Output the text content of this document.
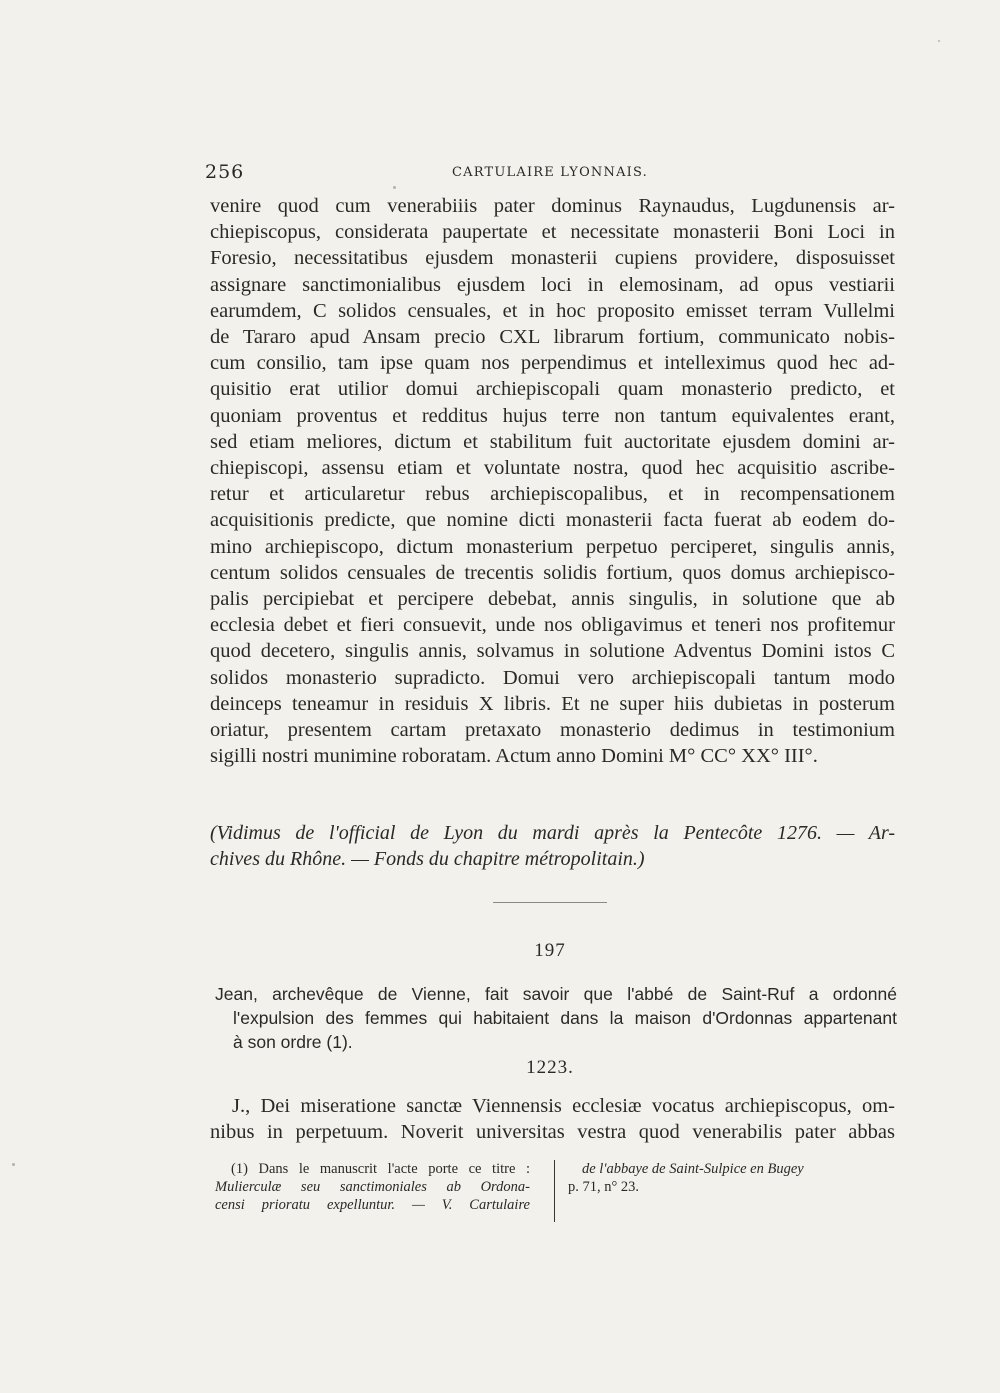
256	CARTULAIRE LYONNAIS.
venire quod cum venerabiiis pater dominus Raynaudus, Lugdunensis ar-
chiepiscopus, considerata paupertate et necessitate monasterii Boni Loci in
Foresio, necessitatibus ejusdem monasterii cupiens providere, disposuisset
assignare sanctimonialibus ejusdem loci in elemosinam, ad opus vestiarii
earumdem, C solidos censuales, et in hoc proposito emisset terram Vullelmi
de Tararo apud Ansam precio CXL librarum fortium, communicato nobis-
cum consilio, tam ipse quam nos perpendimus et intelleximus quod hec ad-
quisitio erat utilior domui archiepiscopali quam monasterio predicto, et
quoniam proventus et redditus hujus terre non tantum equivalentes erant,
sed etiam meliores, dictum et stabilitum fuit auctoritate ejusdem domini ar-
chiepiscopi, assensu etiam et voluntate nostra, quod hec acquisitio ascribe-
retur et articularetur rebus archiepiscopalibus, et in recompensationem
acquisitionis predicte, que nomine dicti monasterii facta fuerat ab eodem do-
mino archiepiscopo, dictum monasterium perpetuo perciperet, singulis annis,
centum solidos censuales de trecentis solidis fortium, quos domus archiepisco-
palis percipiebat et percipere debebat, annis singulis, in solutione que ab
ecclesia debet et fieri consuevit, unde nos obligavimus et teneri nos profitemur
quod decetero, singulis annis, solvamus in solutione Adventus Domini istos C
solidos monasterio supradicto. Domui vero archiepiscopali tantum modo
deinceps teneamur in residuis X libris. Et ne super hiis dubietas in posterum
oriatur, presentem cartam pretaxato monasterio dedimus in testimonium
sigilli nostri munimine roboratam. Actum anno Domini M° CC° XX° III°.
(Vidimus de l'official de Lyon du mardi après la Pentecôte 1276. — Ar-
chives du Rhône. — Fonds du chapitre métropolitain.)
197
Jean, archevêque de Vienne, fait savoir que l'abbé de Saint-Ruf a ordonné
l'expulsion des femmes qui habitaient dans la maison d'Ordonnas appartenant
à son ordre (1).
1223.
J., Dei miseratione sanctæ Viennensis ecclesiæ vocatus archiepiscopus, om-
nibus in perpetuum. Noverit universitas vestra quod venerabilis pater abbas
(1) Dans le manuscrit l'acte porte ce titre :
Mulierculæ seu sanctimoniales ab Ordona-
censi prioratu expelluntur. — V. Cartulaire
de l'abbaye de Saint-Sulpice en Bugey
p. 71, n° 23.
